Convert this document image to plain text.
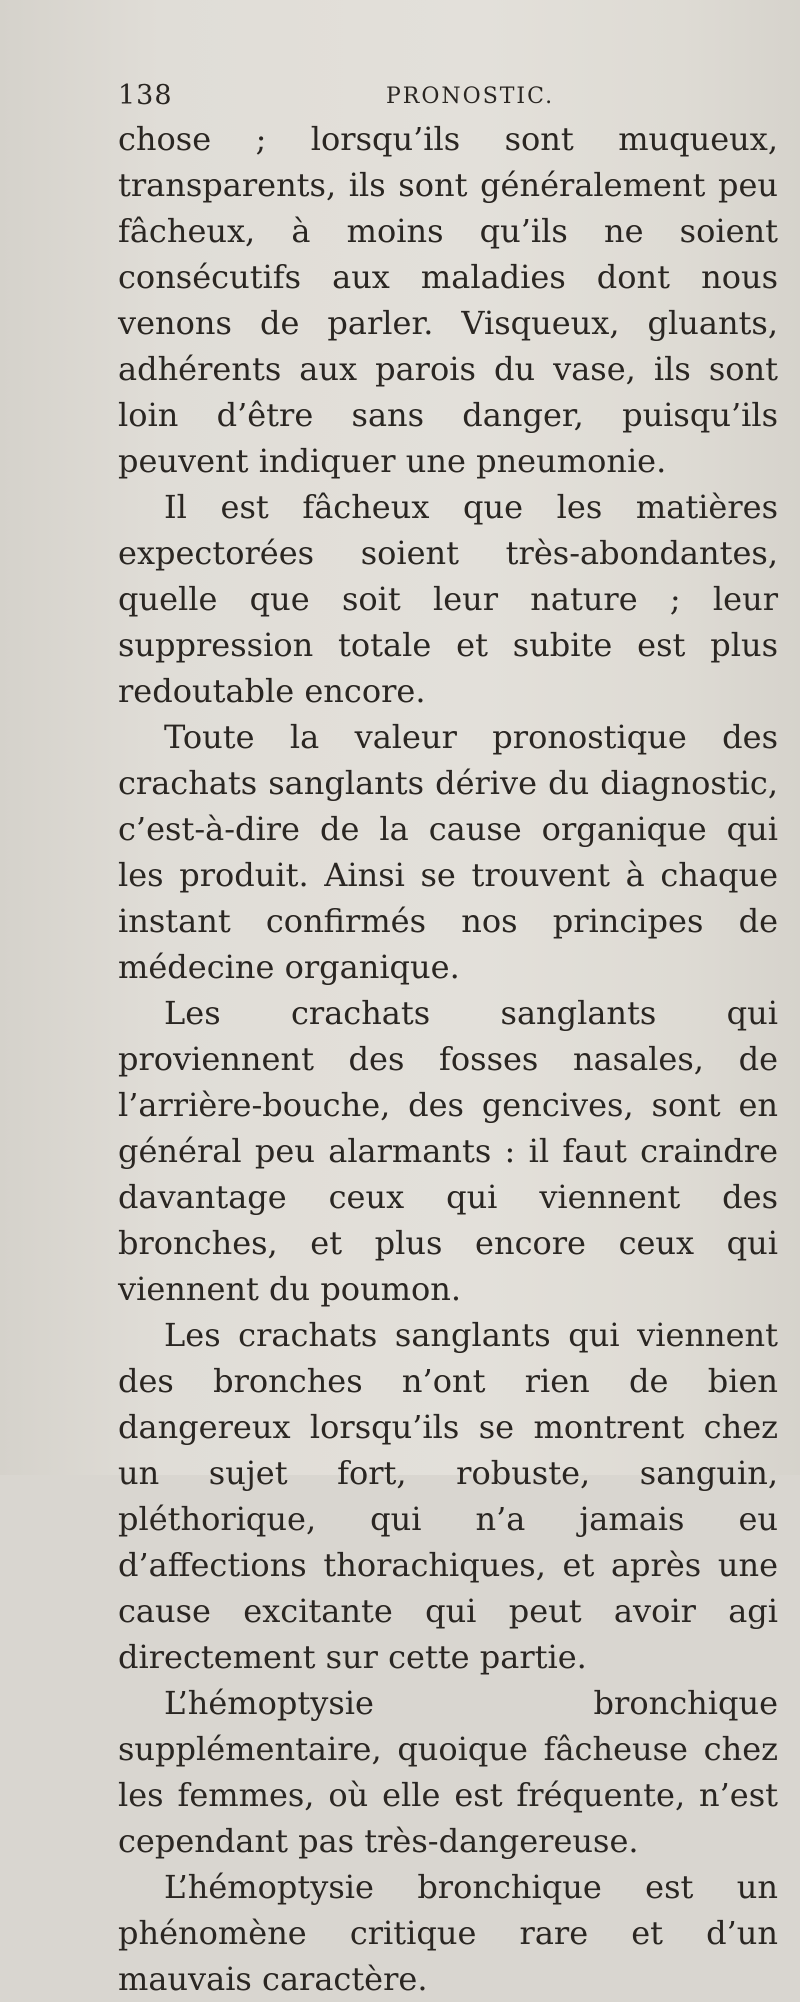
138	PRONOSTIC.

chose ; lorsqu’ils sont muqueux, transparents, ils sont généralement peu fâcheux, à moins qu’ils ne soient consécutifs aux maladies dont nous venons de parler. Visqueux, gluants, adhérents aux parois du vase, ils sont loin d’être sans danger, puisqu’ils peuvent indiquer une pneumonie.

Il est fâcheux que les matières expectorées soient très-abondantes, quelle que soit leur nature ; leur suppression totale et subite est plus redoutable encore.

Toute la valeur pronostique des crachats sanglants dérive du diagnostic, c’est-à-dire de la cause organique qui les produit. Ainsi se trouvent à chaque instant confirmés nos principes de médecine organique.

Les crachats sanglants qui proviennent des fosses nasales, de l’arrière-bouche, des gencives, sont en général peu alarmants : il faut craindre davantage ceux qui viennent des bronches, et plus encore ceux qui viennent du poumon.

Les crachats sanglants qui viennent des bronches n’ont rien de bien dangereux lorsqu’ils se montrent chez un sujet fort, robuste, sanguin, pléthorique, qui n’a jamais eu d’affections thorachiques, et après une cause excitante qui peut avoir agi directement sur cette partie.

L’hémoptysie bronchique supplémentaire, quoique fâcheuse chez les femmes, où elle est fréquente, n’est cependant pas très-dangereuse.

L’hémoptysie bronchique est un phénomène critique rare et d’un mauvais caractère.
